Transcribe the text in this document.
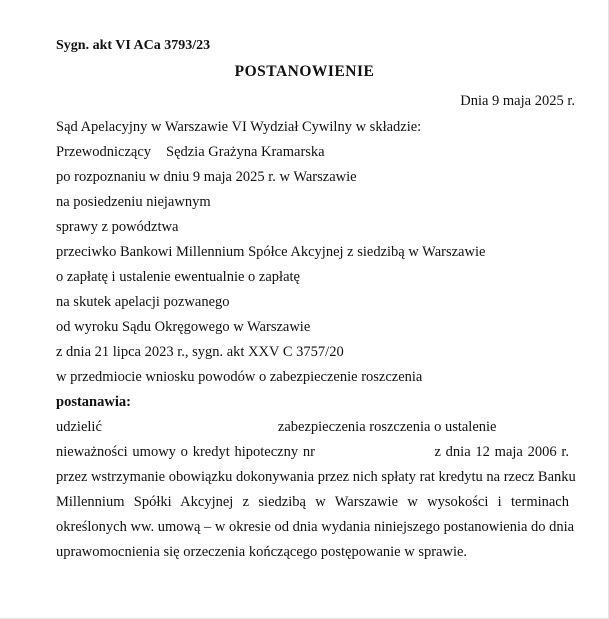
Sygn. akt VI ACa 3793/23
POSTANOWIENIE
Dnia 9 maja 2025 r.
Sąd Apelacyjny w Warszawie VI Wydział Cywilny w składzie:
Przewodniczący Sędzia Grażyna Kramarska
po rozpoznaniu w dniu 9 maja 2025 r. w Warszawie
na posiedzeniu niejawnym
sprawy z powództwa
przeciwko Bankowi Millennium Spółce Akcyjnej z siedzibą w Warszawie
o zapłatę i ustalenie ewentualnie o zapłatę
na skutek apelacji pozwanego
od wyroku Sądu Okręgowego w Warszawie
z dnia 21 lipca 2023 r., sygn. akt XXV C 3757/20
w przedmiocie wniosku powodów o zabezpieczenie roszczenia
postanawia:
udzielić	zabezpieczenia roszczenia o ustalenie
nieważności umowy o kredyt hipoteczny nr	z dnia 12 maja 2006 r.
przez wstrzymanie obowiązku dokonywania przez nich spłaty rat kredytu na rzecz Banku
Millennium Spółki Akcyjnej z siedzibą w Warszawie w wysokości i terminach
określonych ww. umową – w okresie od dnia wydania niniejszego postanowienia do dnia
uprawomocnienia się orzeczenia kończącego postępowanie w sprawie.
